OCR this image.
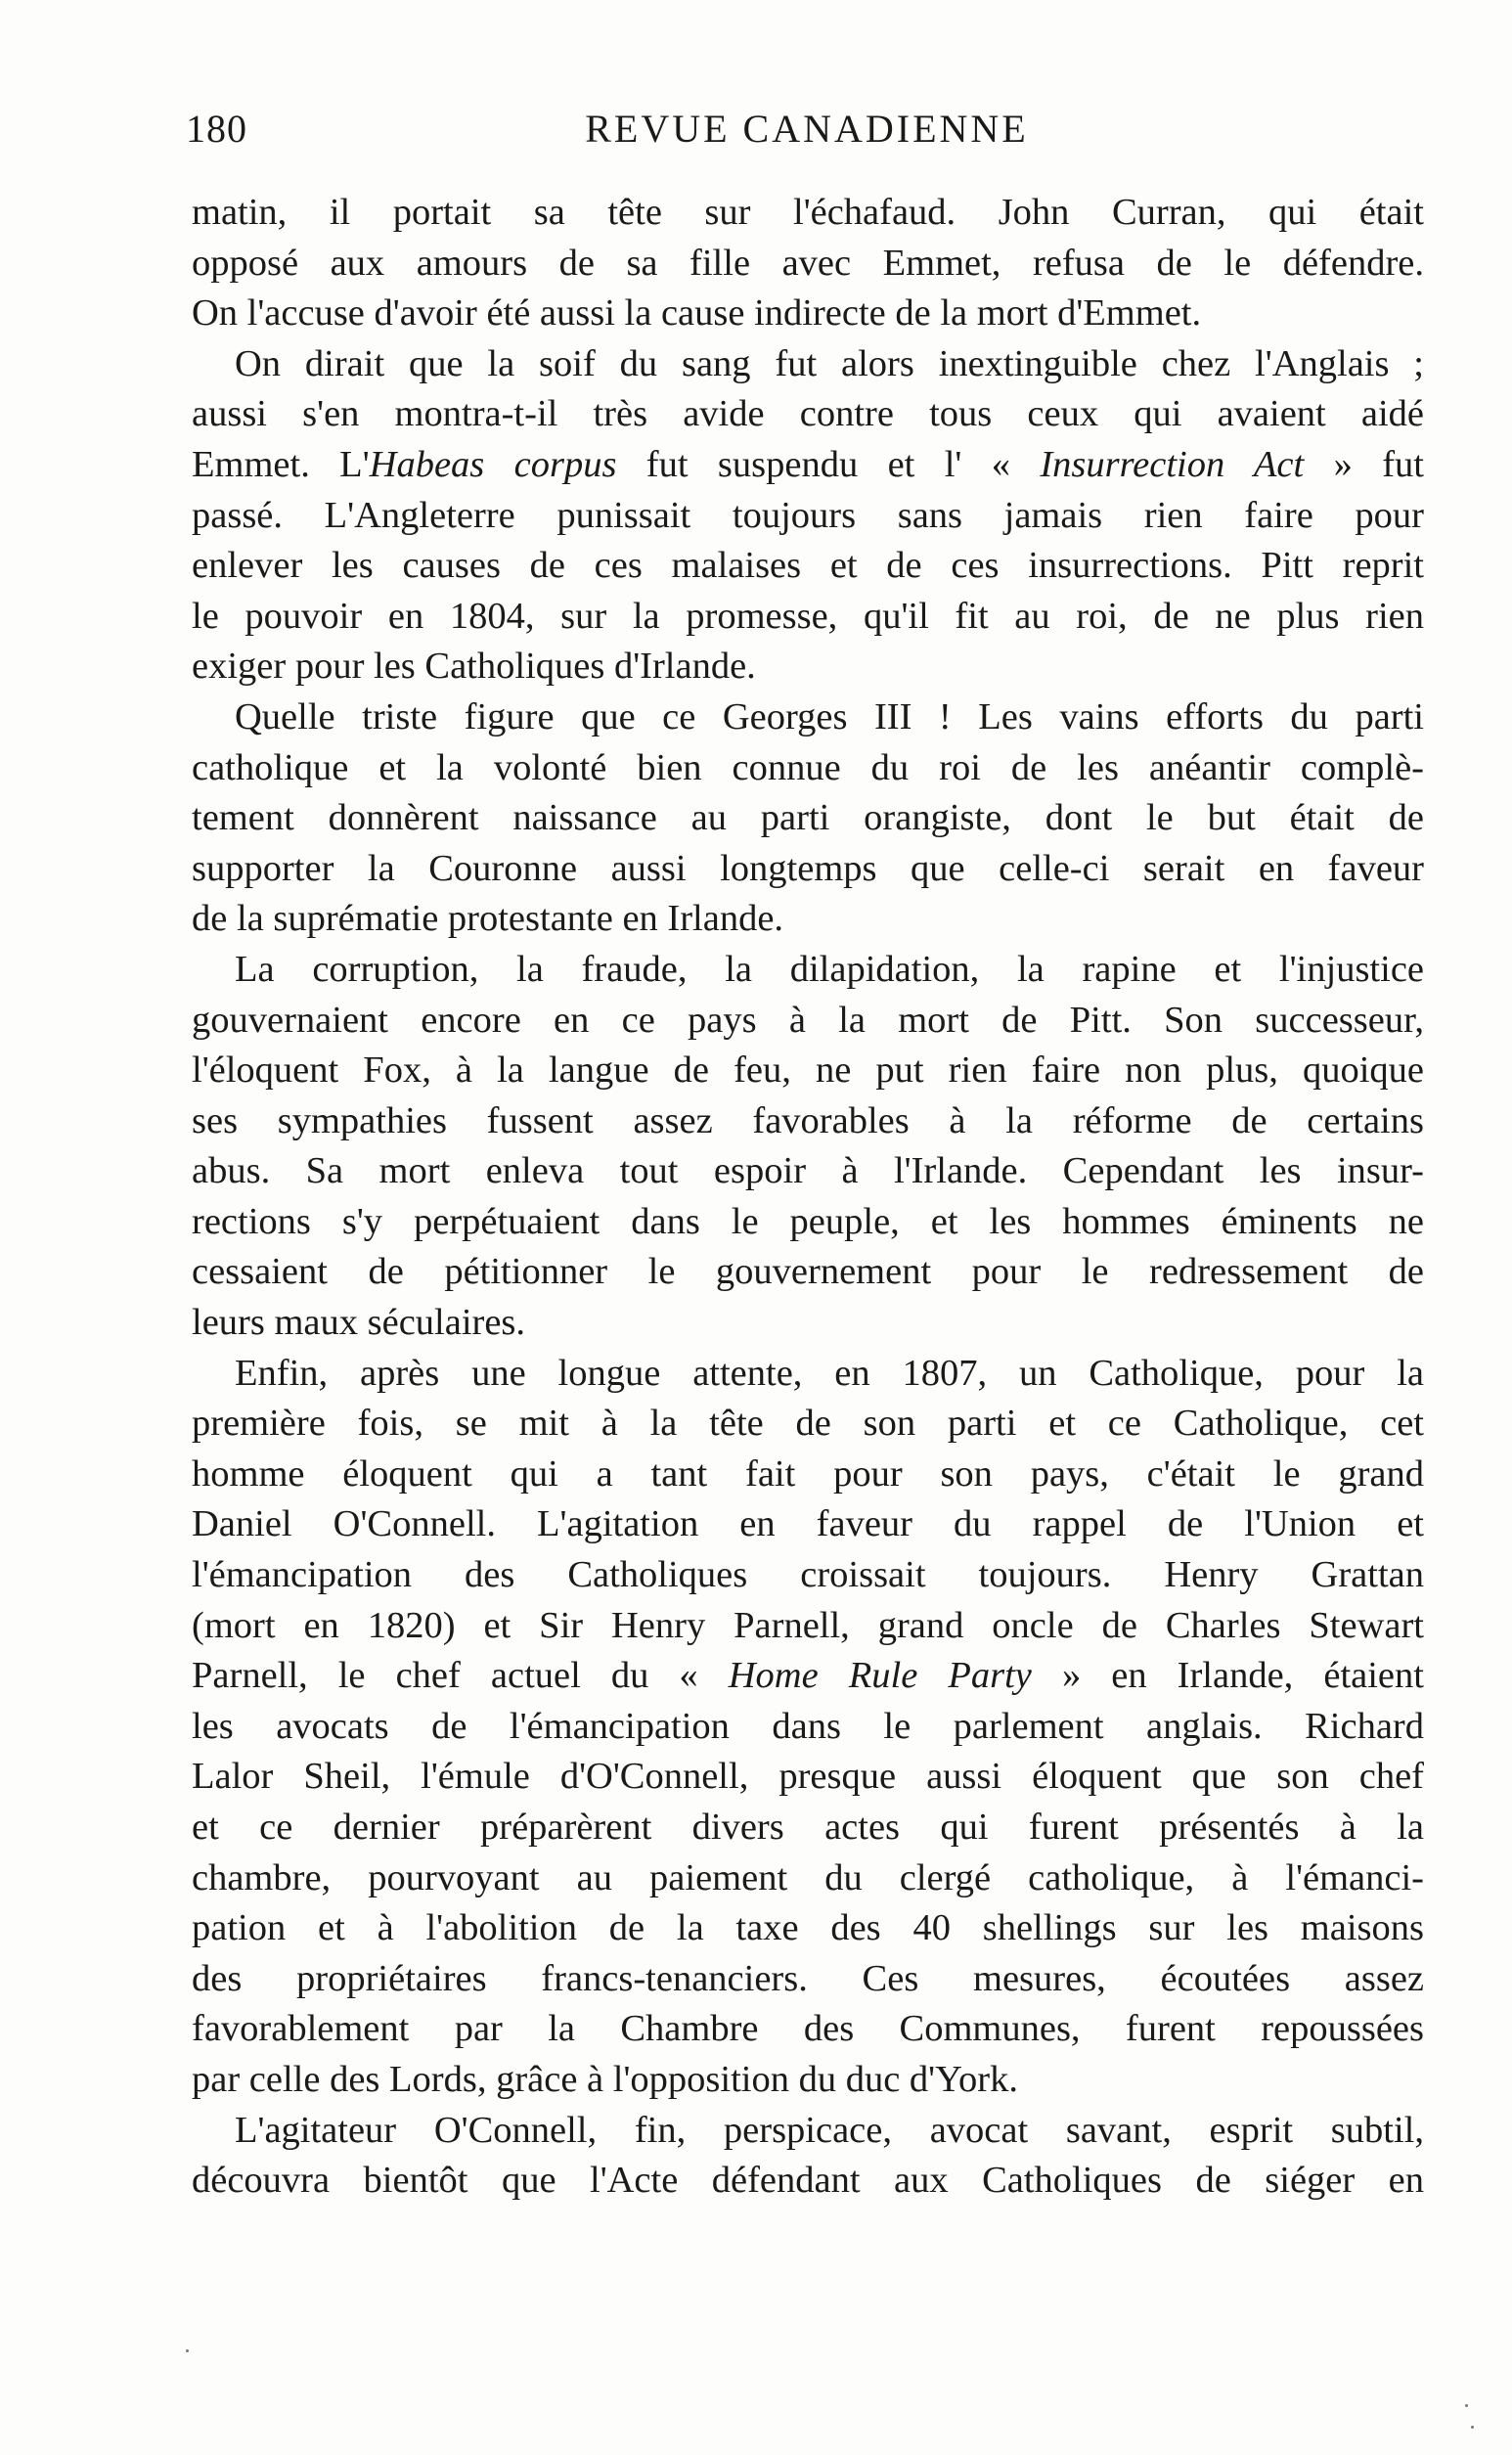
180	REVUE CANADIENNE

matin, il portait sa tête sur l'échafaud. John Curran, qui était
opposé aux amours de sa fille avec Emmet, refusa de le défendre.
On l'accuse d'avoir été aussi la cause indirecte de la mort d'Emmet.

On dirait que la soif du sang fut alors inextinguible chez l'Anglais ;
aussi s'en montra-t-il très avide contre tous ceux qui avaient aidé
Emmet. L'Habeas corpus fut suspendu et l' « Insurrection Act » fut
passé. L'Angleterre punissait toujours sans jamais rien faire pour
enlever les causes de ces malaises et de ces insurrections. Pitt reprit
le pouvoir en 1804, sur la promesse, qu'il fit au roi, de ne plus rien
exiger pour les Catholiques d'Irlande.

Quelle triste figure que ce Georges III ! Les vains efforts du parti
catholique et la volonté bien connue du roi de les anéantir complè-
tement donnèrent naissance au parti orangiste, dont le but était de
supporter la Couronne aussi longtemps que celle-ci serait en faveur
de la suprématie protestante en Irlande.

La corruption, la fraude, la dilapidation, la rapine et l'injustice
gouvernaient encore en ce pays à la mort de Pitt. Son successeur,
l'éloquent Fox, à la langue de feu, ne put rien faire non plus, quoique
ses sympathies fussent assez favorables à la réforme de certains
abus. Sa mort enleva tout espoir à l'Irlande. Cependant les insur-
rections s'y perpétuaient dans le peuple, et les hommes éminents ne
cessaient de pétitionner le gouvernement pour le redressement de
leurs maux séculaires.

Enfin, après une longue attente, en 1807, un Catholique, pour la
première fois, se mit à la tête de son parti et ce Catholique, cet
homme éloquent qui a tant fait pour son pays, c'était le grand
Daniel O'Connell. L'agitation en faveur du rappel de l'Union et
l'émancipation des Catholiques croissait toujours. Henry Grattan
(mort en 1820) et Sir Henry Parnell, grand oncle de Charles Stewart
Parnell, le chef actuel du « Home Rule Party » en Irlande, étaient
les avocats de l'émancipation dans le parlement anglais. Richard
Lalor Sheil, l'émule d'O'Connell, presque aussi éloquent que son chef
et ce dernier préparèrent divers actes qui furent présentés à la
chambre, pourvoyant au paiement du clergé catholique, à l'émanci-
pation et à l'abolition de la taxe des 40 shellings sur les maisons
des propriétaires francs-tenanciers. Ces mesures, écoutées assez
favorablement par la Chambre des Communes, furent repoussées
par celle des Lords, grâce à l'opposition du duc d'York.

L'agitateur O'Connell, fin, perspicace, avocat savant, esprit subtil,
découvra bientôt que l'Acte défendant aux Catholiques de siéger en
